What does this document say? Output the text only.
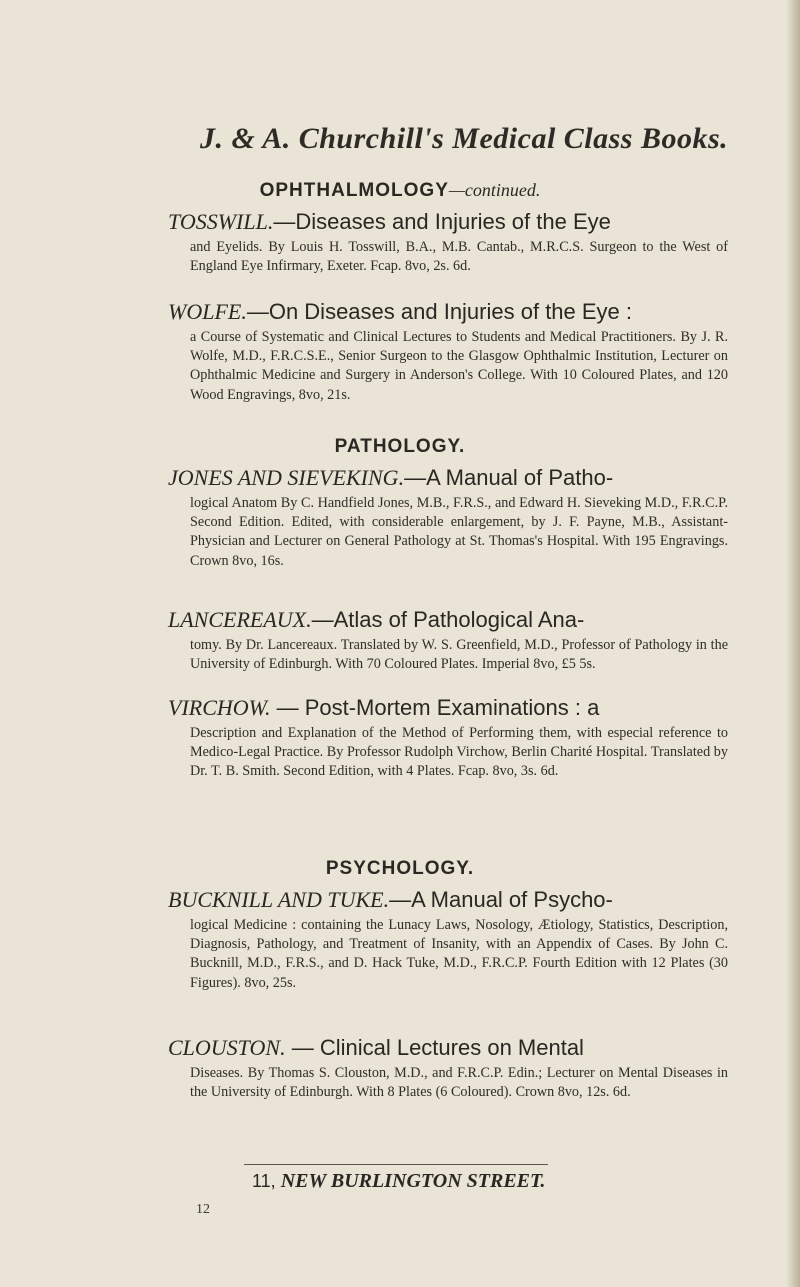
J. & A. Churchill's Medical Class Books.
OPHTHALMOLOGY—continued.
TOSSWILL.—Diseases and Injuries of the Eye
and Eyelids. By Louis H. Tosswill, B.A., M.B. Cantab., M.R.C.S. Surgeon to the West of England Eye Infirmary, Exeter. Fcap. 8vo, 2s. 6d.
WOLFE.—On Diseases and Injuries of the Eye :
a Course of Systematic and Clinical Lectures to Students and Medical Practitioners. By J. R. Wolfe, M.D., F.R.C.S.E., Senior Surgeon to the Glasgow Ophthalmic Institution, Lecturer on Ophthalmic Medicine and Surgery in Anderson's College. With 10 Coloured Plates, and 120 Wood Engravings, 8vo, 21s.
PATHOLOGY.
JONES AND SIEVEKING.—A Manual of Patho-
logical Anatom By C. Handfield Jones, M.B., F.R.S., and Edward H. Sieveking M.D., F.R.C.P. Second Edition. Edited, with considerable enlargement, by J. F. Payne, M.B., Assistant-Physician and Lecturer on General Pathology at St. Thomas's Hospital. With 195 Engravings. Crown 8vo, 16s.
LANCEREAUX.—Atlas of Pathological Ana-
tomy. By Dr. Lancereaux. Translated by W. S. Greenfield, M.D., Professor of Pathology in the University of Edinburgh. With 70 Coloured Plates. Imperial 8vo, £5 5s.
VIRCHOW. — Post-Mortem Examinations : a
Description and Explanation of the Method of Performing them, with especial reference to Medico-Legal Practice. By Professor Rudolph Virchow, Berlin Charité Hospital. Translated by Dr. T. B. Smith. Second Edition, with 4 Plates. Fcap. 8vo, 3s. 6d.
PSYCHOLOGY.
BUCKNILL AND TUKE.—A Manual of Psycho-
logical Medicine : containing the Lunacy Laws, Nosology, Ætiology, Statistics, Description, Diagnosis, Pathology, and Treatment of Insanity, with an Appendix of Cases. By John C. Bucknill, M.D., F.R.S., and D. Hack Tuke, M.D., F.R.C.P. Fourth Edition with 12 Plates (30 Figures). 8vo, 25s.
CLOUSTON. — Clinical Lectures on Mental
Diseases. By Thomas S. Clouston, M.D., and F.R.C.P. Edin.; Lecturer on Mental Diseases in the University of Edinburgh. With 8 Plates (6 Coloured). Crown 8vo, 12s. 6d.
11, NEW BURLINGTON STREET.
12
